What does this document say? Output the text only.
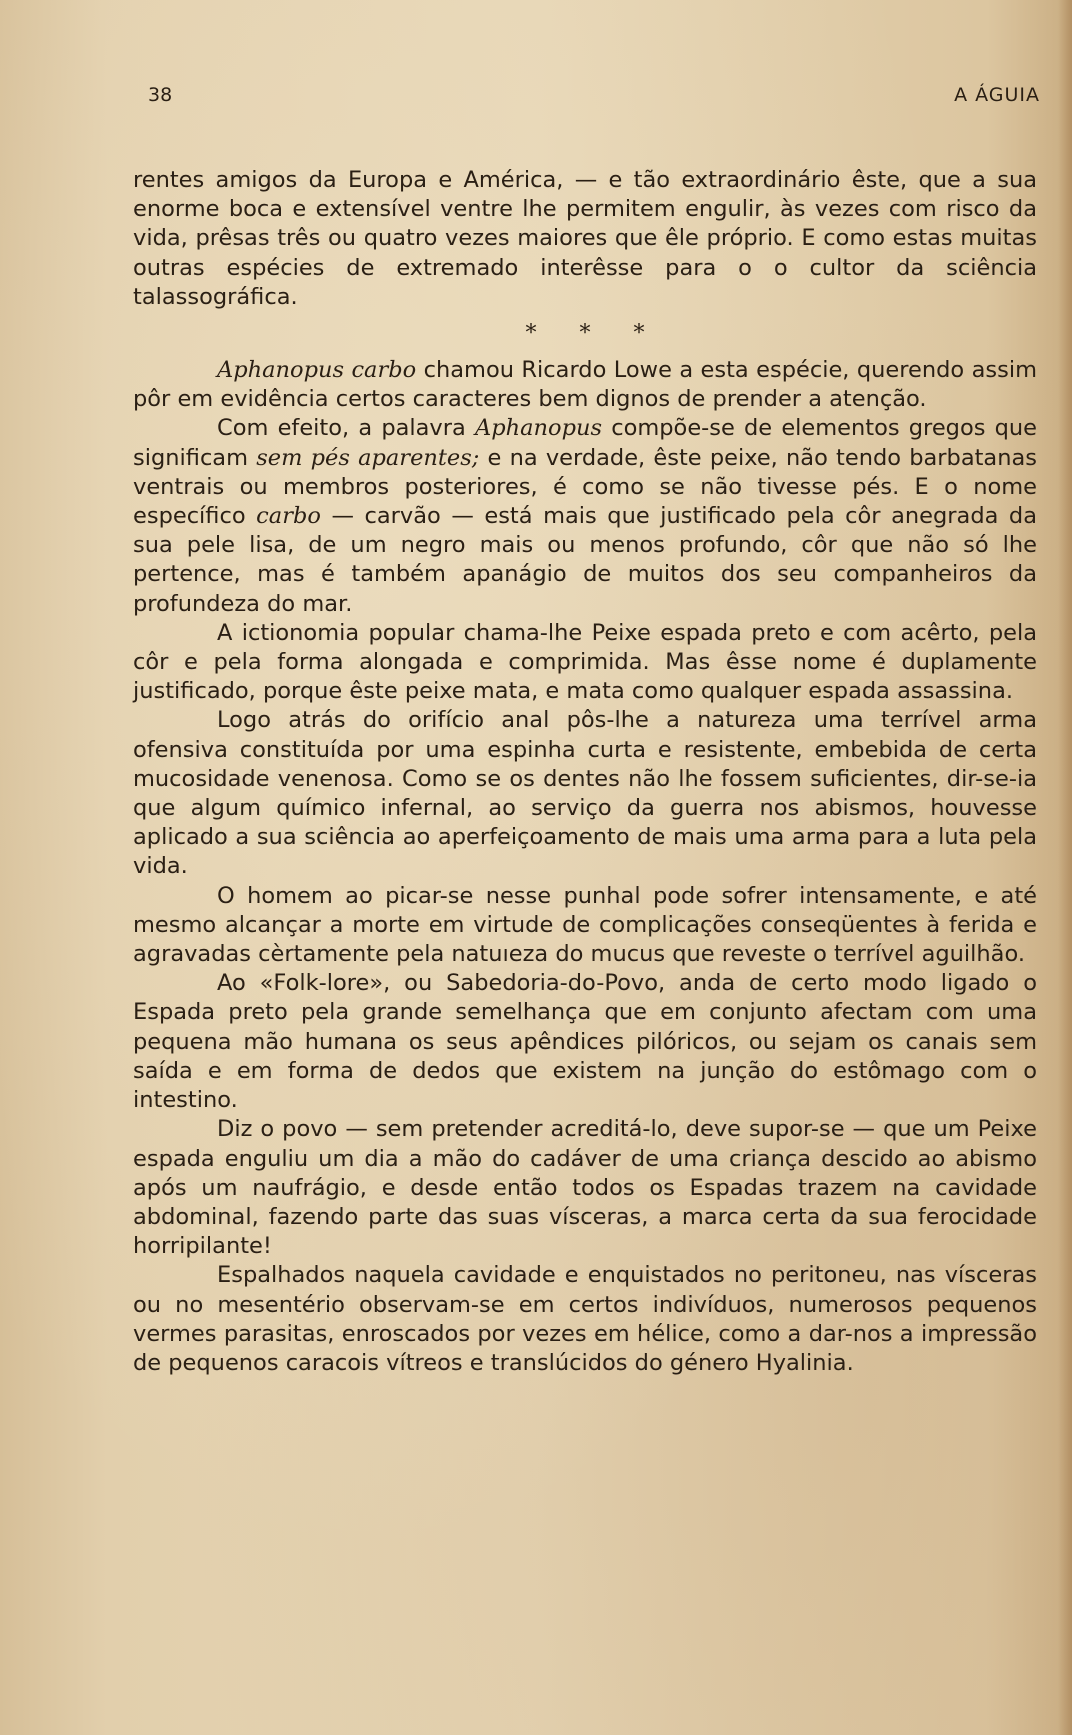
38	A ÁGUIA

rentes amigos da Europa e América, — e tão extraordinário êste, que a sua enorme boca e extensível ventre lhe permitem engulir, às vezes com risco da vida, prêsas três ou quatro vezes maiores que êle próprio. E como estas muitas outras espécies de extremado interêsse para o o cultor da sciência talassográfica.

* * *

Aphanopus carbo chamou Ricardo Lowe a esta espécie, querendo assim pôr em evidência certos caracteres bem dignos de prender a atenção.

Com efeito, a palavra Aphanopus compõe-se de elementos gregos que significam sem pés aparentes; e na verdade, êste peixe, não tendo barbatanas ventrais ou membros posteriores, é como se não tivesse pés. E o nome específico carbo — carvão — está mais que justificado pela côr anegrada da sua pele lisa, de um negro mais ou menos profundo, côr que não só lhe pertence, mas é também apanágio de muitos dos seu companheiros da profundeza do mar.

A ictionomia popular chama-lhe Peixe espada preto e com acêrto, pela côr e pela forma alongada e comprimida. Mas êsse nome é duplamente justificado, porque êste peixe mata, e mata como qualquer espada assassina.

Logo atrás do orifício anal pôs-lhe a natureza uma terrível arma ofensiva constituída por uma espinha curta e resistente, embebida de certa mucosidade venenosa. Como se os dentes não lhe fossem suficientes, dir-se-ia que algum químico infernal, ao serviço da guerra nos abismos, houvesse aplicado a sua sciência ao aperfeiçoamento de mais uma arma para a luta pela vida.

O homem ao picar-se nesse punhal pode sofrer intensamente, e até mesmo alcançar a morte em virtude de complicações conseqüentes à ferida e agravadas cèrtamente pela natuıeza do mucus que reveste o terrível aguilhão.

Ao «Folk-lore», ou Sabedoria-do-Povo, anda de certo modo ligado o Espada preto pela grande semelhança que em conjunto afectam com uma pequena mão humana os seus apêndices pilóricos, ou sejam os canais sem saída e em forma de dedos que existem na junção do estômago com o intestino.

Diz o povo — sem pretender acreditá-lo, deve supor-se — que um Peixe espada enguliu um dia a mão do cadáver de uma criança descido ao abismo após um naufrágio, e desde então todos os Espadas trazem na cavidade abdominal, fazendo parte das suas vísceras, a marca certa da sua ferocidade horripilante!

Espalhados naquela cavidade e enquistados no peritoneu, nas vísceras ou no mesentério observam-se em certos indivíduos, numerosos pequenos vermes parasitas, enroscados por vezes em hélice, como a dar-nos a impressão de pequenos caracois vítreos e translúcidos do género Hyalinia.
